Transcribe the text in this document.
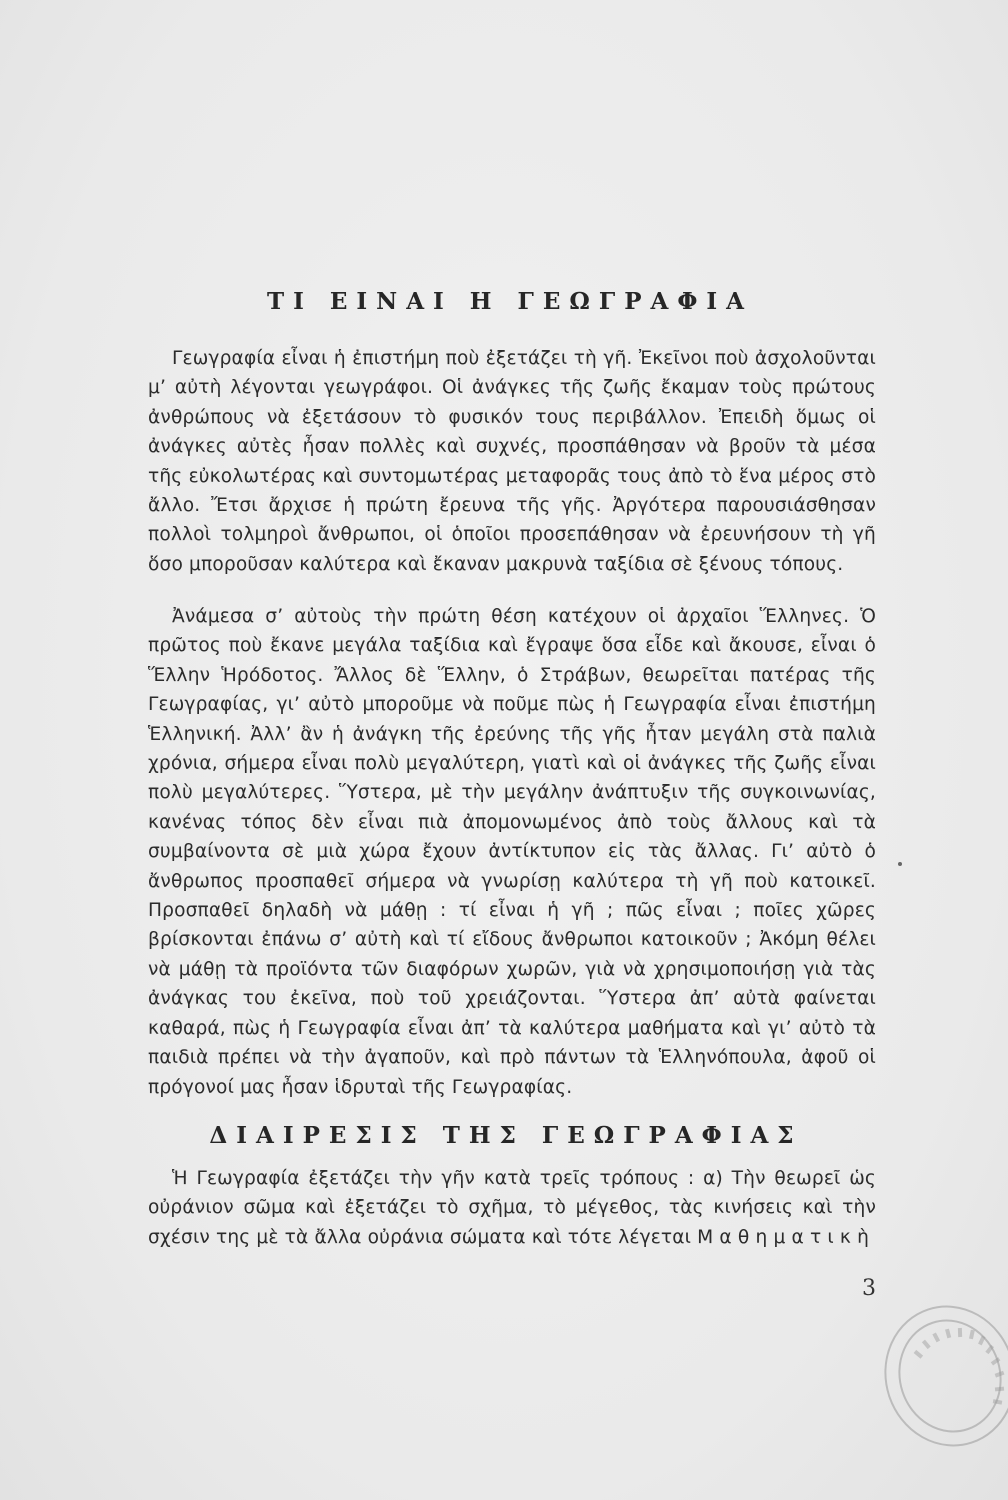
ΤΙ ΕΙΝΑΙ Η ΓΕΩΓΡΑΦΙΑ

Γεωγραφία εἶναι ἡ ἐπιστήμη ποὺ ἐξετάζει τὴ γῆ. Ἐκεῖνοι ποὺ ἀσχολοῦνται μ’ αὐτὴ λέγονται γεωγράφοι. Οἱ ἀνάγκες τῆς ζωῆς ἔκαμαν τοὺς πρώτους ἀνθρώπους νὰ ἐξετάσουν τὸ φυσικόν τους περιβάλλον. Ἐπειδὴ ὅμως οἱ ἀνάγκες αὐτὲς ἦσαν πολλὲς καὶ συχνές, προσπάθησαν νὰ βροῦν τὰ μέσα τῆς εὐκολωτέρας καὶ συντομωτέρας μεταφορᾶς τους ἀπὸ τὸ ἕνα μέρος στὸ ἄλλο. Ἔτσι ἄρχισε ἡ πρώτη ἔρευνα τῆς γῆς. Ἀργότερα παρουσιάσθησαν πολλοὶ τολμηροὶ ἄνθρωποι, οἱ ὁποῖοι προσεπάθησαν νὰ ἐρευνήσουν τὴ γῆ ὅσο μποροῦσαν καλύτερα καὶ ἔκαναν μακρυνὰ ταξίδια σὲ ξένους τόπους.

Ἀνάμεσα σ’ αὐτοὺς τὴν πρώτη θέση κατέχουν οἱ ἀρχαῖοι Ἕλληνες. Ὁ πρῶτος ποὺ ἔκανε μεγάλα ταξίδια καὶ ἔγραψε ὅσα εἶδε καὶ ἄκουσε, εἶναι ὁ Ἕλλην Ἡρόδοτος. Ἄλλος δὲ Ἕλλην, ὁ Στράβων, θεωρεῖται πατέρας τῆς Γεωγραφίας, γι’ αὐτὸ μποροῦμε νὰ ποῦμε πὼς ἡ Γεωγραφία εἶναι ἐπιστήμη Ἑλληνική. Ἀλλ’ ἂν ἡ ἀνάγκη τῆς ἐρεύνης τῆς γῆς ἦταν μεγάλη στὰ παλιὰ χρόνια, σήμερα εἶναι πολὺ μεγαλύτερη, γιατὶ καὶ οἱ ἀνάγκες τῆς ζωῆς εἶναι πολὺ μεγαλύτερες. Ὕστερα, μὲ τὴν μεγάλην ἀνάπτυξιν τῆς συγκοινωνίας, κανένας τόπος δὲν εἶναι πιὰ ἀπομονωμένος ἀπὸ τοὺς ἄλλους καὶ τὰ συμβαίνοντα σὲ μιὰ χώρα ἔχουν ἀντίκτυπον εἰς τὰς ἄλλας. Γι’ αὐτὸ ὁ ἄνθρωπος προσπαθεῖ σήμερα νὰ γνωρίσῃ καλύτερα τὴ γῆ ποὺ κατοικεῖ. Προσπαθεῖ δηλαδὴ νὰ μάθῃ : τί εἶναι ἡ γῆ ; πῶς εἶναι ; ποῖες χῶρες βρίσκονται ἐπάνω σ’ αὐτὴ καὶ τί εἴδους ἄνθρωποι κατοικοῦν ; Ἀκόμη θέλει νὰ μάθῃ τὰ προϊόντα τῶν διαφόρων χωρῶν, γιὰ νὰ χρησιμοποιήσῃ γιὰ τὰς ἀνάγκας του ἐκεῖνα, ποὺ τοῦ χρειάζονται. Ὕστερα ἀπ’ αὐτὰ φαίνεται καθαρά, πὼς ἡ Γεωγραφία εἶναι ἀπ’ τὰ καλύτερα μαθήματα καὶ γι’ αὐτὸ τὰ παιδιὰ πρέπει νὰ τὴν ἀγαποῦν, καὶ πρὸ πάντων τὰ Ἑλληνόπουλα, ἀφοῦ οἱ πρόγονοί μας ἦσαν ἱδρυταὶ τῆς Γεωγραφίας.

ΔΙΑΙΡΕΣΙΣ ΤΗΣ ΓΕΩΓΡΑΦΙΑΣ

Ἡ Γεωγραφία ἐξετάζει τὴν γῆν κατὰ τρεῖς τρόπους : α) Τὴν θεωρεῖ ὡς οὐράνιον σῶμα καὶ ἐξετάζει τὸ σχῆμα, τὸ μέγεθος, τὰς κινήσεις καὶ τὴν σχέσιν της μὲ τὰ ἄλλα οὐράνια σώματα καὶ τότε λέγεται Μ α θ η μ α τ ι κ ὴ

3
